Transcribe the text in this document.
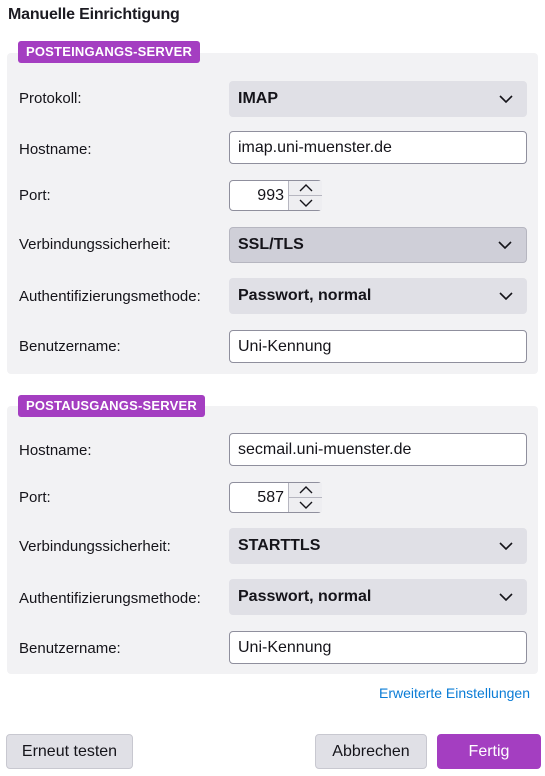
Manuelle Einrichtigung
POSTEINGANGS-SERVER
Protokoll:	IMAP
Hostname:	imap.uni-muenster.de
Port:	993
Verbindungssicherheit:	SSL/TLS
Authentifizierungsmethode:	Passwort, normal
Benutzername:	Uni-Kennung
POSTAUSGANGS-SERVER
Hostname:	secmail.uni-muenster.de
Port:	587
Verbindungssicherheit:	STARTTLS
Authentifizierungsmethode:	Passwort, normal
Benutzername:	Uni-Kennung
Erweiterte Einstellungen
Erneut testen	Abbrechen	Fertig
